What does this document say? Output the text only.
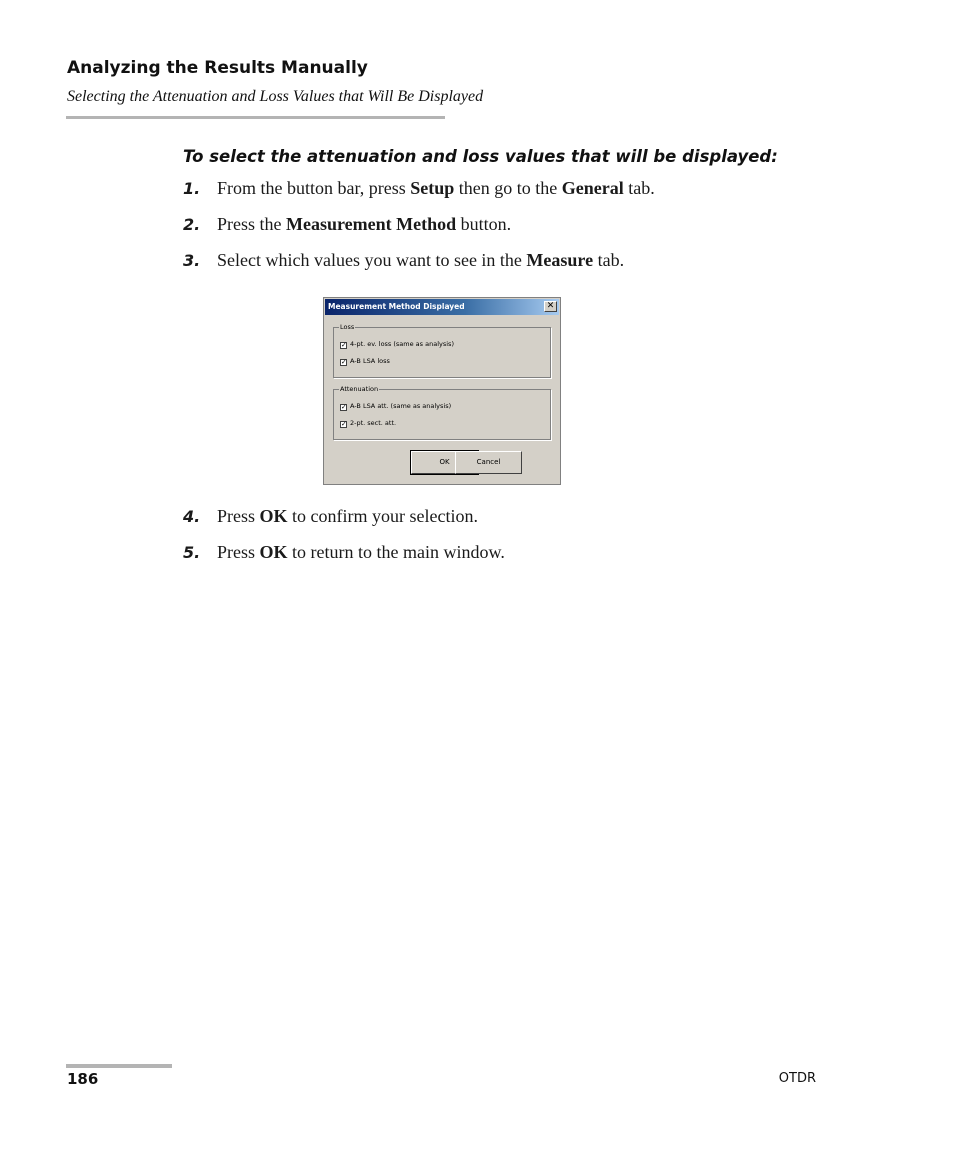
Analyzing the Results Manually
Selecting the Attenuation and Loss Values that Will Be Displayed
To select the attenuation and loss values that will be displayed:
1. From the button bar, press Setup then go to the General tab.
2. Press the Measurement Method button.
3. Select which values you want to see in the Measure tab.
Measurement Method Displayed	✕
Loss
✓ 4-pt. ev. loss (same as analysis)
✓ A-B LSA loss
Attenuation
✓ A-B LSA att. (same as analysis)
✓ 2-pt. sect. att.
OK	Cancel
4. Press OK to confirm your selection.
5. Press OK to return to the main window.
186	OTDR
